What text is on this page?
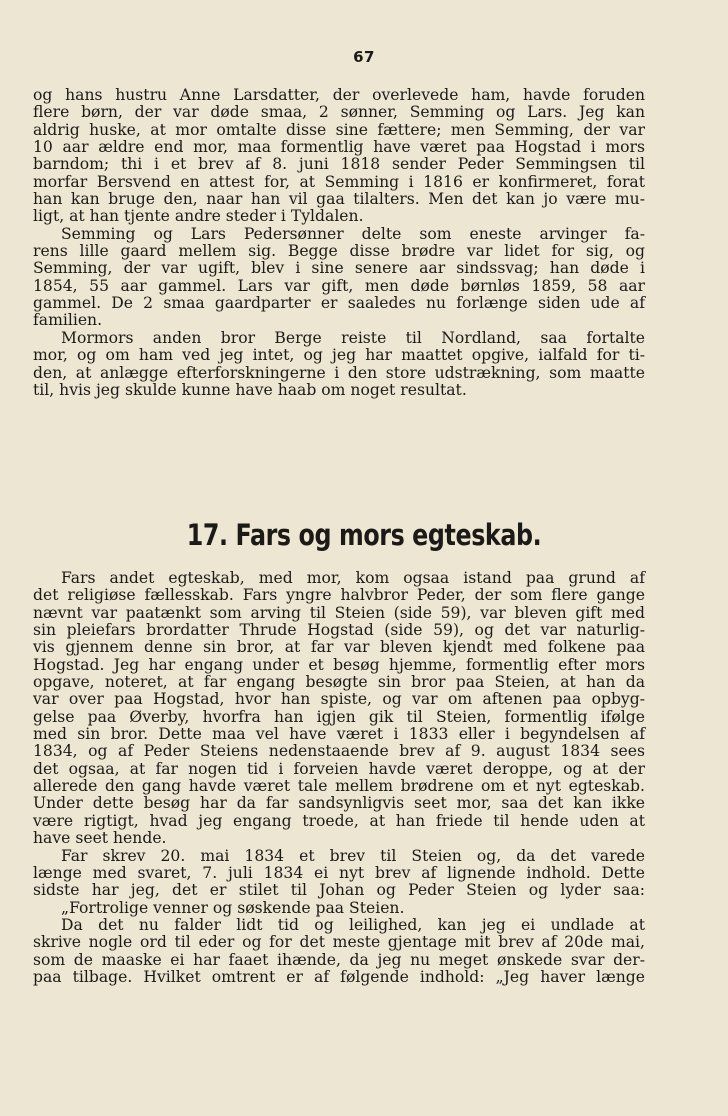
67
og hans hustru Anne Larsdatter, der overlevede ham, havde foruden
flere børn, der var døde smaa, 2 sønner, Semming og Lars. Jeg kan
aldrig huske, at mor omtalte disse sine fættere; men Semming, der var
10 aar ældre end mor, maa formentlig have været paa Hogstad i mors
barndom; thi i et brev af 8. juni 1818 sender Peder Semmingsen til
morfar Bersvend en attest for, at Semming i 1816 er konfirmeret, forat
han kan bruge den, naar han vil gaa tilalters. Men det kan jo være mu-
ligt, at han tjente andre steder i Tyldalen.
Semming og Lars Pedersønner delte som eneste arvinger fa-
rens lille gaard mellem sig. Begge disse brødre var lidet for sig, og
Semming, der var ugift, blev i sine senere aar sindssvag; han døde i
1854, 55 aar gammel. Lars var gift, men døde børnløs 1859, 58 aar
gammel. De 2 smaa gaardparter er saaledes nu forlængе siden ude af
familien.
Mormors anden bror Berge reiste til Nordland, saa fortalte
mor, og om ham ved jeg intet, og jeg har maattet opgive, ialfald for ti-
den, at anlægge efterforskningerne i den store udstrækning, som maatte
til, hvis jeg skulde kunne have haab om noget resultat.
17. Fars og mors egteskab.
Fars andet egteskab, med mor, kom ogsaa istand paa grund af
det religiøse fællesskab. Fars yngre halvbror Peder, der som flere gange
nævnt var paatænkt som arving til Steien (side 59), var bleven gift med
sin pleiefars brordatter Thrude Hogstad (side 59), og det var naturlig-
vis gjennem denne sin bror, at far var bleven kjendt med folkene paa
Hogstad. Jeg har engang under et besøg hjemme, formentlig efter mors
opgave, noteret, at far engang besøgte sin bror paa Steien, at han da
var over paa Hogstad, hvor han spiste, og var om aftenen paa opbyg-
gelse paa Øverby, hvorfra han igjen gik til Steien, formentlig ifølge
med sin bror. Dette maa vel have været i 1833 eller i begyndelsen af
1834, og af Peder Steiens nedenstaaende brev af 9. august 1834 sees
det ogsaa, at far nogen tid i forveien havde været deroppe, og at der
allerede den gang havde været tale mellem brødrene om et nyt egteskab.
Under dette besøg har da far sandsynligvis seet mor, saa det kan ikke
være rigtigt, hvad jeg engang troede, at han friede til hende uden at
have seet hende.
Far skrev 20. mai 1834 et brev til Steien og, da det varede
længe med svaret, 7. juli 1834 ei nyt brev af lignende indhold. Dette
sidste har jeg, det er stilet til Johan og Peder Steien og lyder saa:
„Fortrolige venner og søskende paa Steien.
Da det nu falder lidt tid og leilighed, kan jeg ei undlade at
skrive nogle ord til eder og for det meste gjentage mit brev af 20de mai,
som de maaske ei har faaet ihænde, da jeg nu meget ønskede svar der-
paa tilbage. Hvilket omtrent er af følgende indhold: „Jeg haver længe
